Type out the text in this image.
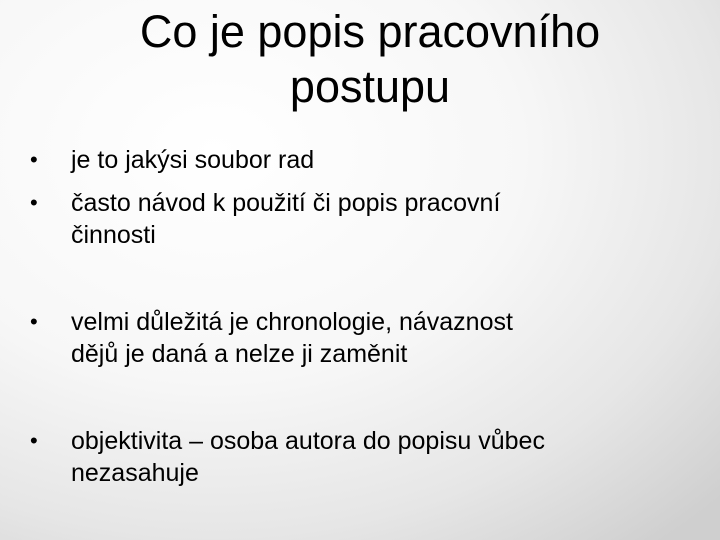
Co je popis pracovního
postupu
•	je to jakýsi soubor rad
•	často návod k použití či popis pracovní
činnosti
•	velmi důležitá je chronologie, návaznost
dějů je daná a nelze ji zaměnit
•	objektivita – osoba autora do popisu vůbec
nezasahuje
